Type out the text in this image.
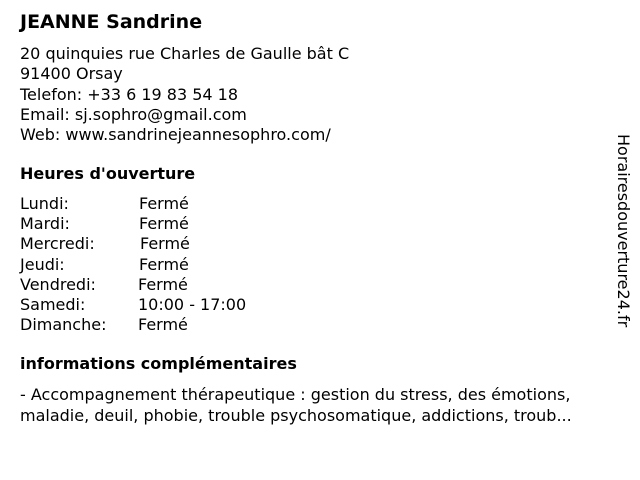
JEANNE Sandrine
20 quinquies rue Charles de Gaulle bât C
91400 Orsay
Telefon: +33 6 19 83 54 18
Email: sj.sophro@gmail.com
Web: www.sandrinejeannesophro.com/
Heures d'ouverture
Lundi:	Fermé
Mardi:	Fermé
Mercredi:	Fermé
Jeudi:	Fermé
Vendredi:	Fermé
Samedi:	10:00 - 17:00
Dimanche: Fermé
informations complémentaires
- Accompagnement thérapeutique : gestion du stress, des émotions,
maladie, deuil, phobie, trouble psychosomatique, addictions, troub...
Horairesdouverture24.fr
